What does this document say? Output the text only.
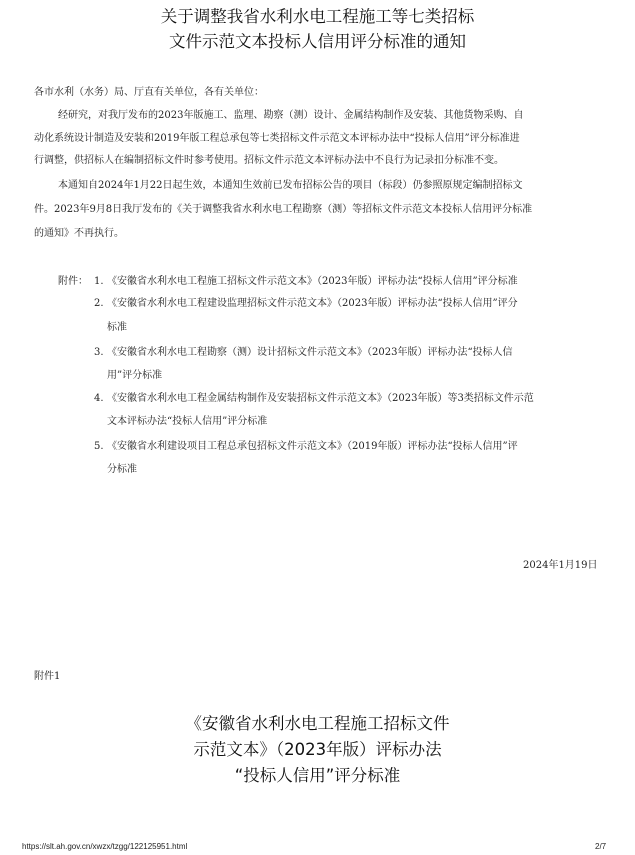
关于调整我省水利水电工程施工等七类招标
文件示范文本投标人信用评分标准的通知
各市水利（水务）局、厅直有关单位，各有关单位：
经研究，对我厅发布的2023年版施工、监理、勘察（测）设计、金属结构制作及安装、其他货物采购、自
动化系统设计制造及安装和2019年版工程总承包等七类招标文件示范文本评标办法中“投标人信用”评分标准进
行调整，供招标人在编制招标文件时参考使用。招标文件示范文本评标办法中不良行为记录扣分标准不变。
本通知自2024年1月22日起生效，本通知生效前已发布招标公告的项目（标段）仍参照原规定编制招标文
件。2023年9月8日我厅发布的《关于调整我省水利水电工程勘察（测）等招标文件示范文本投标人信用评分标准
的通知》不再执行。
附件： 1. 《安徽省水利水电工程施工招标文件示范文本》（2023年版）评标办法“投标人信用”评分标准
2. 《安徽省水利水电工程建设监理招标文件示范文本》（2023年版）评标办法“投标人信用”评分
标准
3. 《安徽省水利水电工程勘察（测）设计招标文件示范文本》（2023年版）评标办法“投标人信
用”评分标准
4. 《安徽省水利水电工程金属结构制作及安装招标文件示范文本》（2023年版）等3类招标文件示范
文本评标办法“投标人信用”评分标准
5. 《安徽省水利建设项目工程总承包招标文件示范文本》（2019年版）评标办法“投标人信用”评
分标准
2024年1月19日
附件1
《安徽省水利水电工程施工招标文件
示范文本》（2023年版）评标办法
“投标人信用”评分标准
https://slt.ah.gov.cn/xwzx/tzgg/122125951.html	2/7
